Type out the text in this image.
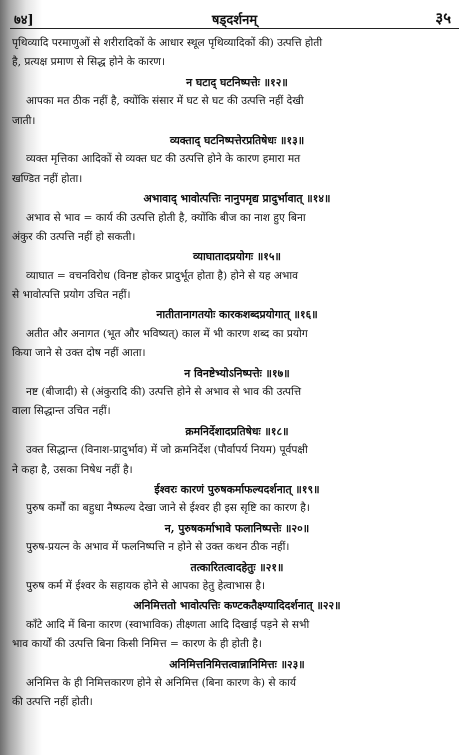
७४]	षड्दर्शनम्	३५
पृथिव्यादि परमाणुओं से शरीरादिकों के आधार स्थूल पृथिव्यादिकों की) उत्पत्ति होती
है, प्रत्यक्ष प्रमाण से सिद्ध होने के कारण।
न घटाद् घटनिष्पत्तेः ॥१२॥
आपका मत ठीक नहीं है, क्योंकि संसार में घट से घट की उत्पत्ति नहीं देखी
जाती।
व्यक्ताद् घटनिष्पत्तेरप्रतिषेधः ॥१३॥
व्यक्त मृत्तिका आदिकों से व्यक्त घट की उत्पत्ति होने के कारण हमारा मत
खण्डित नहीं होता।
अभावाद् भावोत्पत्तिः नानुपमृद्य प्रादुर्भावात् ॥१४॥
अभाव से भाव = कार्य की उत्पत्ति होती है, क्योंकि बीज का नाश हुए बिना
अंकुर की उत्पत्ति नहीं हो सकती।
व्याघातादप्रयोगः ॥१५॥
व्याघात = वचनविरोध (विनष्ट होकर प्रादुर्भूत होता है) होने से यह अभाव
से भावोत्पत्ति प्रयोग उचित नहीं।
नातीतानागतयोः कारकशब्दप्रयोगात् ॥१६॥
अतीत और अनागत (भूत और भविष्यत्) काल में भी कारण शब्द का प्रयोग
किया जाने से उक्त दोष नहीं आता।
न विनष्टेभ्योऽनिष्पत्तेः ॥१७॥
नष्ट (बीजादी) से (अंकुरादि की) उत्पत्ति होने से अभाव से भाव की उत्पत्ति
वाला सिद्धान्त उचित नहीं।
क्रमनिर्देशादप्रतिषेधः ॥१८॥
उक्त सिद्धान्त (विनाश-प्रादुर्भाव) में जो क्रमनिर्देश (पौर्वापर्य नियम) पूर्वपक्षी
ने कहा है, उसका निषेध नहीं है।
ईश्वरः कारणं पुरुषकर्माफल्यदर्शनात् ॥१९॥
पुरुष कर्मों का बहुधा नैष्फल्य देखा जाने से ईश्वर ही इस सृष्टि का कारण है।
न, पुरुषकर्माभावे फलानिष्पत्तेः ॥२०॥
पुरुष-प्रयत्न के अभाव में फलनिष्पत्ति न होने से उक्त कथन ठीक नहीं।
तत्कारितत्वादहेतुः ॥२१॥
पुरुष कर्म में ईश्वर के सहायक होने से आपका हेतु हेत्वाभास है।
अनिमित्ततो भावोत्पत्तिः कण्टकतैक्ष्ण्यादिदर्शनात् ॥२२॥
काँटे आदि में बिना कारण (स्वाभाविक) तीक्ष्णता आदि दिखाई पड़ने से सभी
भाव कार्यों की उत्पत्ति बिना किसी निमित्त = कारण के ही होती है।
अनिमित्तनिमित्तत्वान्नानिमित्तः ॥२३॥
अनिमित्त के ही निमित्तकारण होने से अनिमित्त (बिना कारण के) से कार्य
की उत्पत्ति नहीं होती।
